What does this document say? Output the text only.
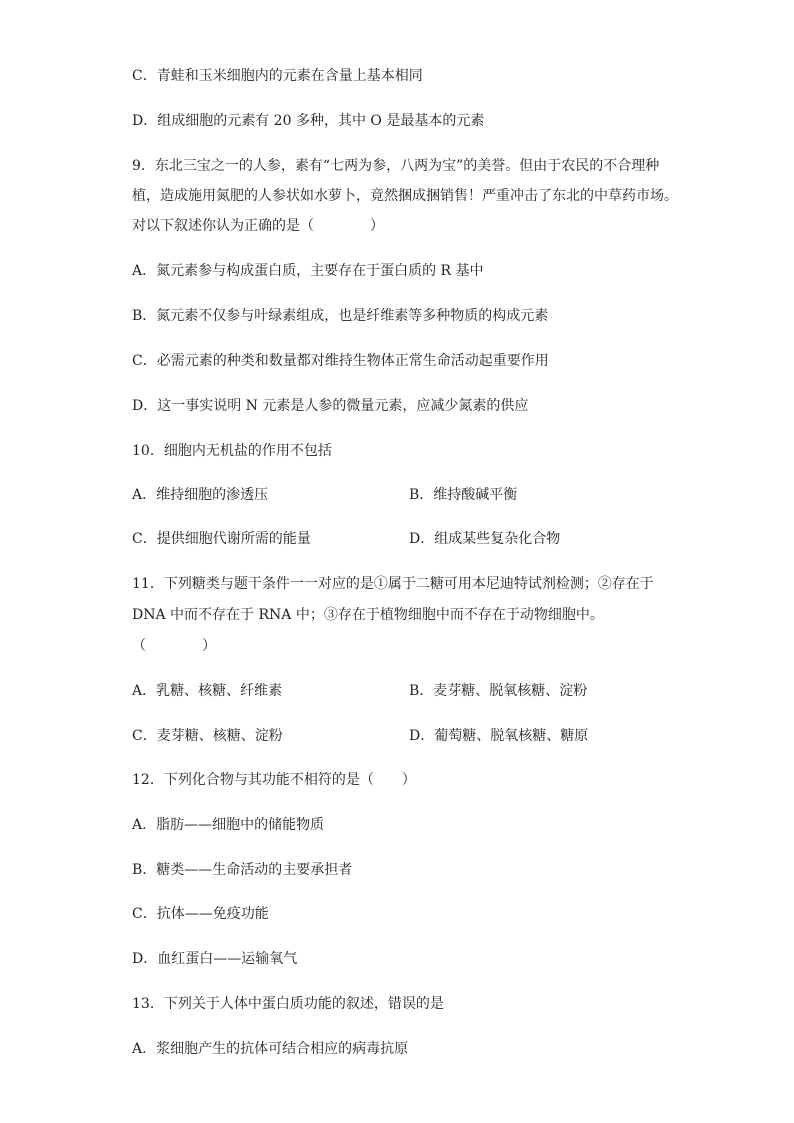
C．青蛙和玉米细胞内的元素在含量上基本相同
D．组成细胞的元素有 20 多种，其中 O 是最基本的元素
9．东北三宝之一的人参，素有“七两为参，八两为宝”的美誉。但由于农民的不合理种
植，造成施用氮肥的人参状如水萝卜，竟然捆成捆销售！严重冲击了东北的中草药市场。
对以下叙述你认为正确的是（　　　　）
A．氮元素参与构成蛋白质，主要存在于蛋白质的 R 基中
B．氮元素不仅参与叶绿素组成，也是纤维素等多种物质的构成元素
C．必需元素的种类和数量都对维持生物体正常生命活动起重要作用
D．这一事实说明 N 元素是人参的微量元素，应减少氮素的供应
10．细胞内无机盐的作用不包括
A．维持细胞的渗透压	B．维持酸碱平衡
C．提供细胞代谢所需的能量	D．组成某些复杂化合物
11．下列糖类与题干条件一一对应的是①属于二糖可用本尼迪特试剂检测；②存在于
DNA 中而不存在于 RNA 中；③存在于植物细胞中而不存在于动物细胞中。
（　　　　）
A．乳糖、核糖、纤维素	B．麦芽糖、脱氧核糖、淀粉
C．麦芽糖、核糖、淀粉	D．葡萄糖、脱氧核糖、糖原
12．下列化合物与其功能不相符的是（　　）
A．脂肪——细胞中的储能物质
B．糖类——生命活动的主要承担者
C．抗体——免疫功能
D．血红蛋白——运输氧气
13．下列关于人体中蛋白质功能的叙述，错误的是
A．浆细胞产生的抗体可结合相应的病毒抗原
